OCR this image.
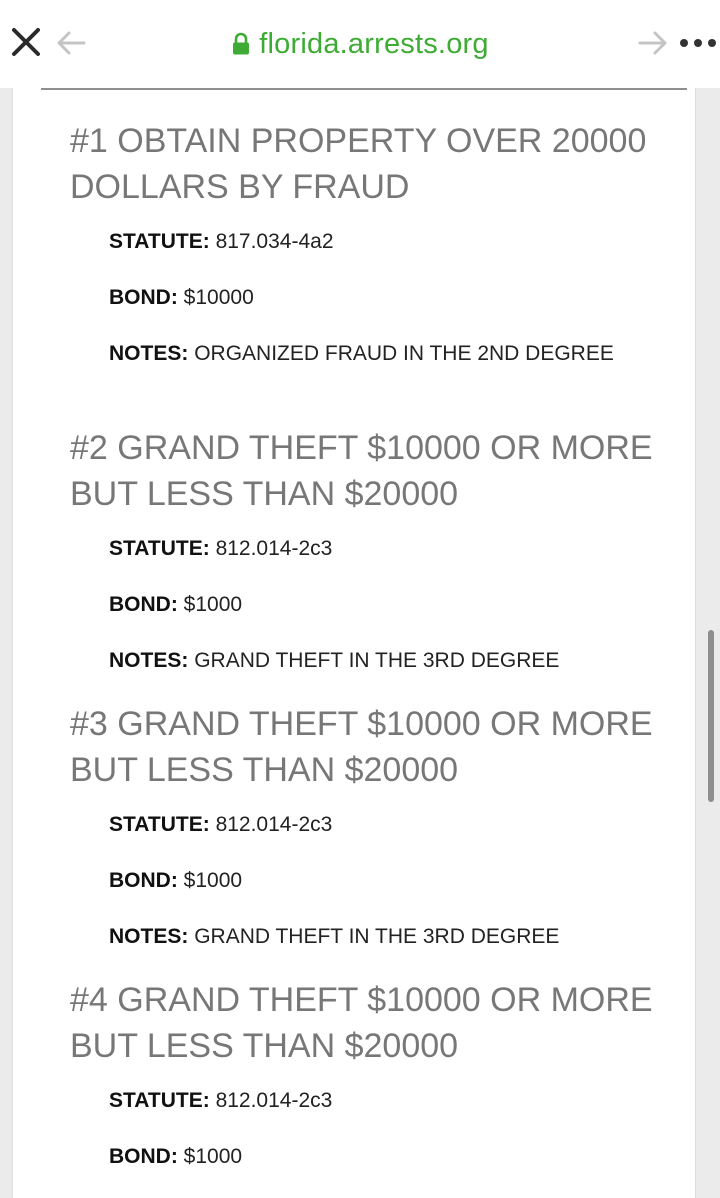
florida.arrests.org
#1 OBTAIN PROPERTY OVER 20000 DOLLARS BY FRAUD
STATUTE: 817.034-4a2
BOND: $10000
NOTES: ORGANIZED FRAUD IN THE 2ND DEGREE
#2 GRAND THEFT $10000 OR MORE BUT LESS THAN $20000
STATUTE: 812.014-2c3
BOND: $1000
NOTES: GRAND THEFT IN THE 3RD DEGREE
#3 GRAND THEFT $10000 OR MORE BUT LESS THAN $20000
STATUTE: 812.014-2c3
BOND: $1000
NOTES: GRAND THEFT IN THE 3RD DEGREE
#4 GRAND THEFT $10000 OR MORE BUT LESS THAN $20000
STATUTE: 812.014-2c3
BOND: $1000
